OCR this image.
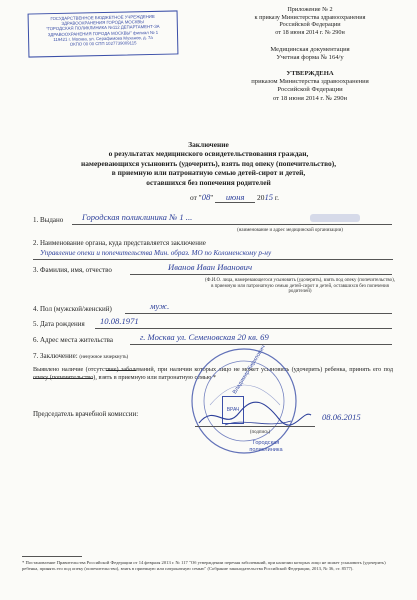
ГОСУДАРСТВЕННОЕ БЮДЖЕТНОЕ УЧРЕЖДЕНИЕ
ЗДРАВООХРАНЕНИЯ ГОРОДА МОСКВЫ
"ГОРОДСКАЯ ПОЛИКЛИНИКА №112 ДЕПАРТАМЕНТ-ЗА
ЗДРАВООХРАНЕНИЯ ГОРОДА МОСКВЫ" филиал № 1
119421 г. Москва, ул. Серафимова Муханов, д. 7а
ОКПО 00 00 СПП 1027739009115
Приложение № 2
к приказу Министерства здравоохранения
Российской Федерации
от 18 июня 2014 г. № 290н
Медицинская документация
Учетная форма № 164/у
УТВЕРЖДЕНА
приказом Министерства здравоохранения
Российской Федерации
от 18 июня 2014 г. № 290н
Заключение
о результатах медицинского освидетельствования граждан,
намеревающихся усыновить (удочерить), взять под опеку (попечительство),
в приемную или патронатную семью детей-сирот и детей,
оставшихся без попечения родителей
от "08" июня 2015 г.
1. Выдано Городская поликлиника № 1 ...
(наименование и адрес медицинской организации)
2. Наименование органа, куда представляется заключение
Управление опеки и попечительства Мин. образ. МО по Коломенскому р-ну
3. Фамилия, имя, отчество	Иванов Иван Иванович
(Ф.И.О. лица, намеревающегося усыновить (удочерить), взять под опеку (попечительство), в приемную или патронатную семью детей-сирот и детей, оставшихся без попечения родителей)
4. Пол (мужской/женский)	муж.
5. Дата рождения 10.08.1971
6. Адрес места жительства	г. Москва ул. Семеновская 20 кв. 69
7. Заключение: (ненужное зачеркнуть)
Выявлено наличие (отсутствие) заболеваний, при наличии которых лицо не может усыновить (удочерить) ребенка, принять его под опеку (попечительство), взять в приемную или патронатную семью *
Председатель врачебной комиссии:
Владимир Кирилович
Городская поликлиника
ВРАЧ
(подпись)
08.06.2015
* Постановление Правительства Российской Федерации от 14 февраля 2013 г. № 117 "Об утверждении перечня заболеваний, при наличии которых лицо не может усыновить (удочерить) ребенка, принять его под опеку (попечительство), взять в приемную или патронатную семью" (Собрание законодательства Российской Федерации, 2013, № 36, ст. 8577).
